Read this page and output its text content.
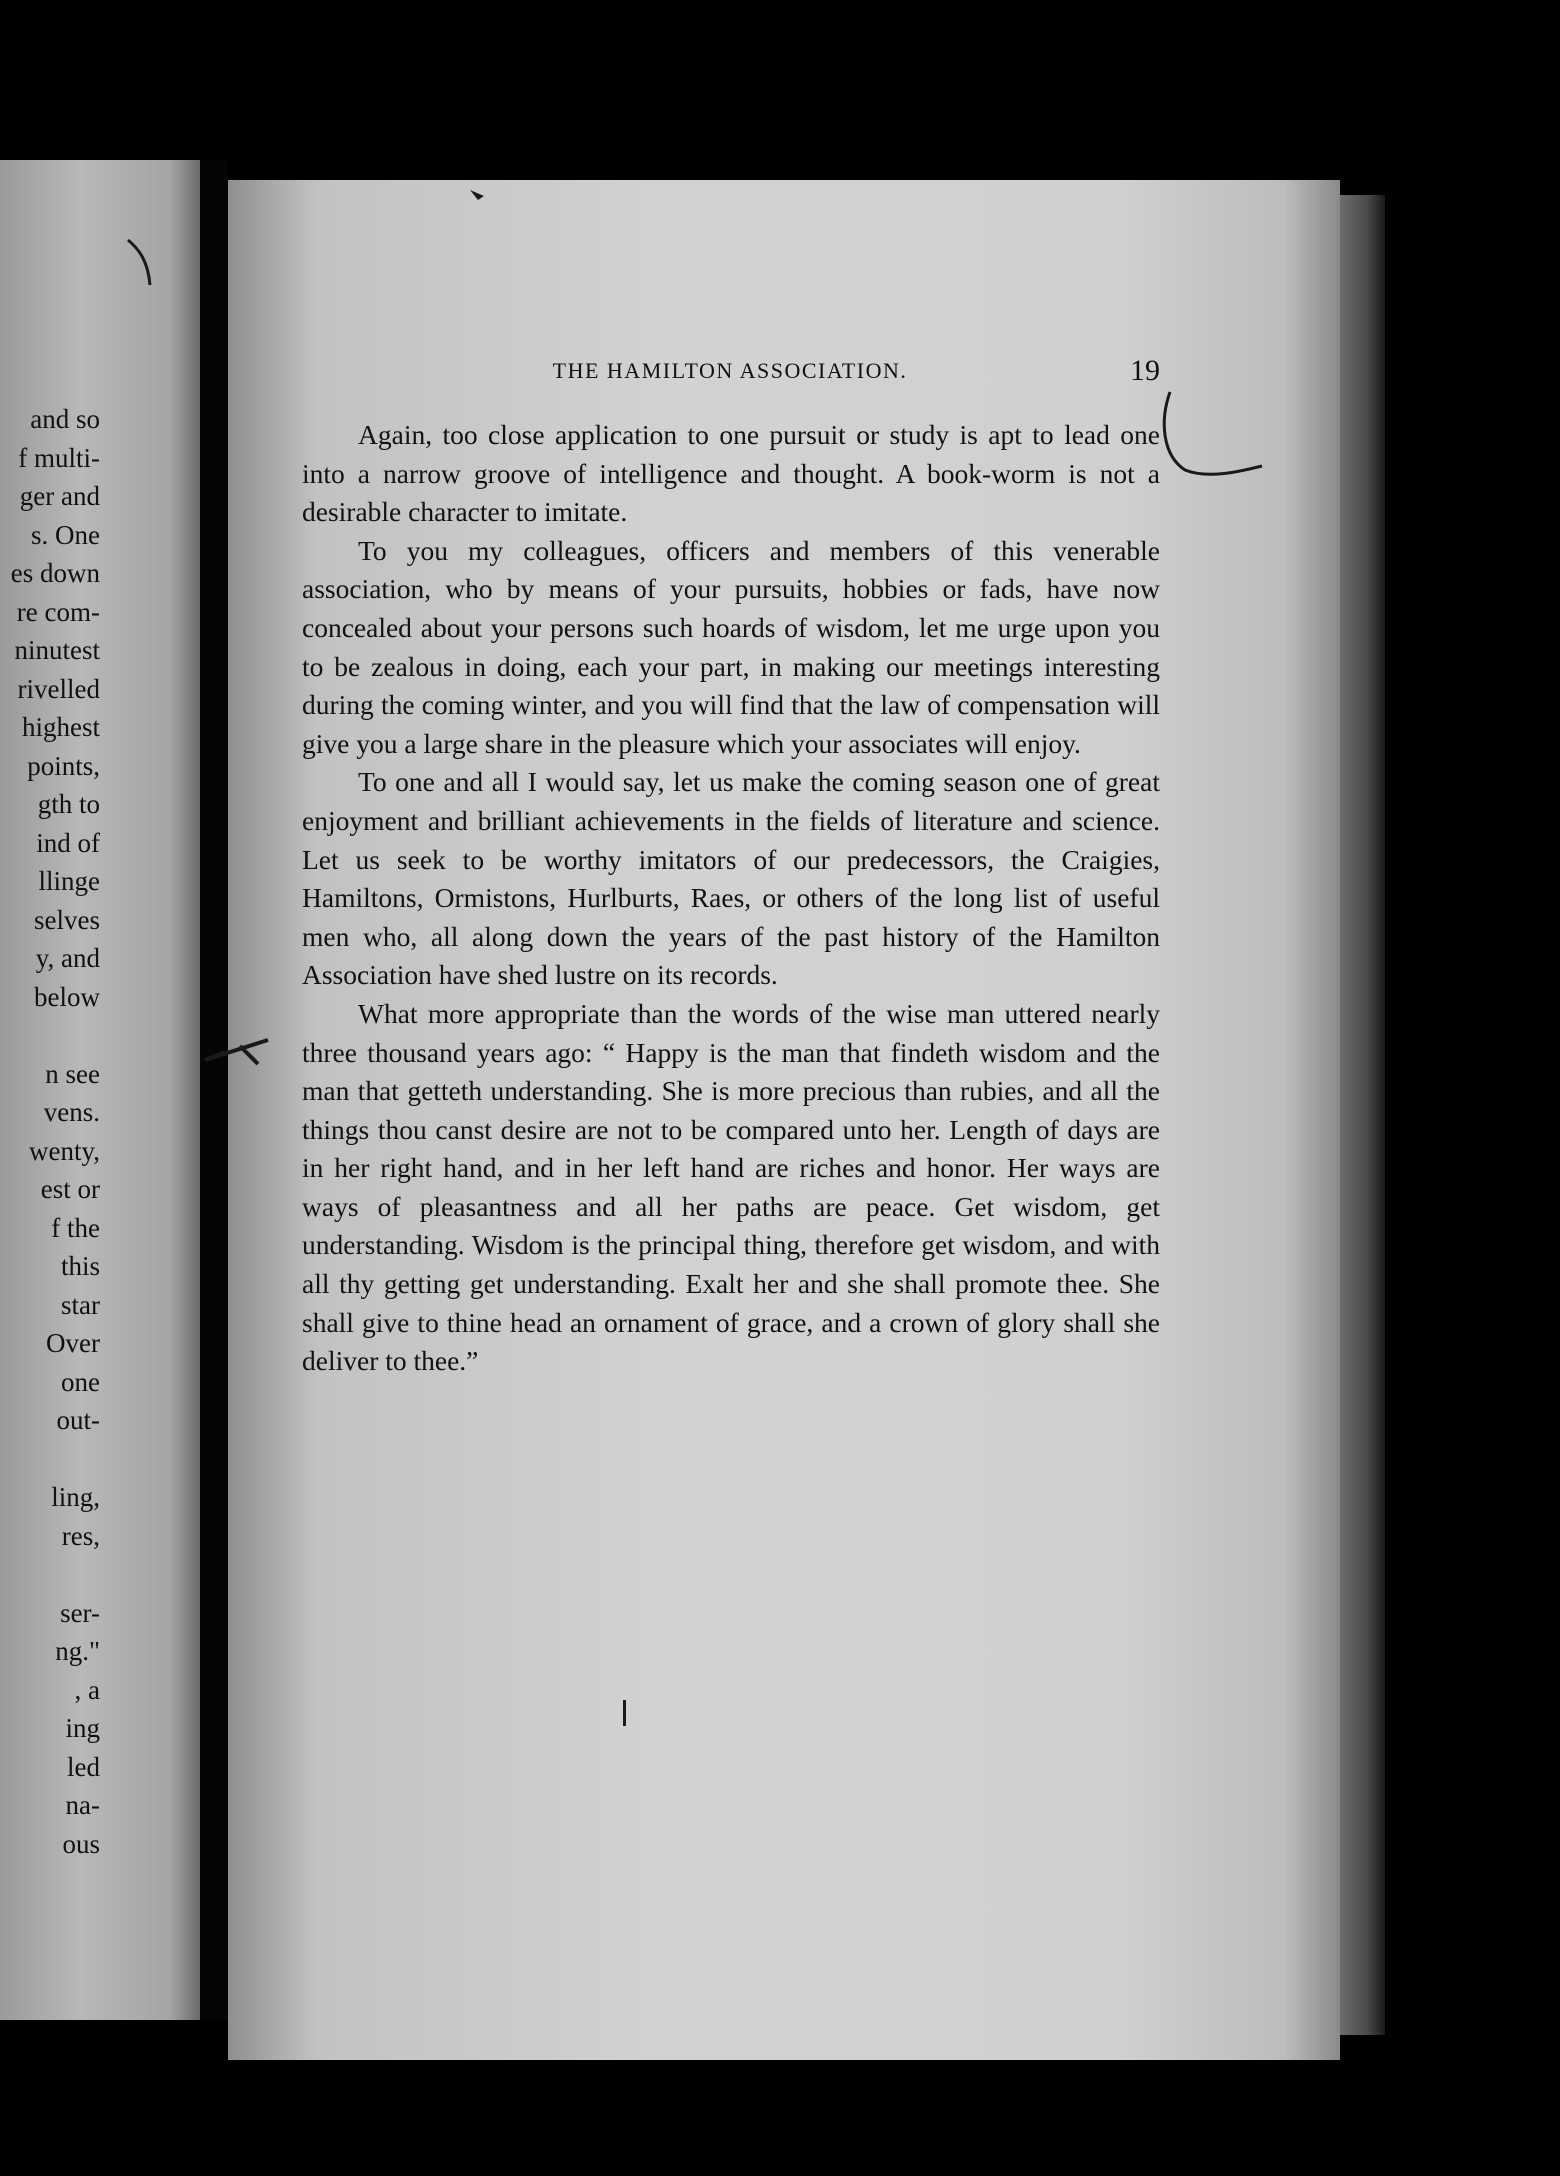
and so
f multi-
ger and
s. One
es down
re com-
ninutest
rivelled
highest
points,
gth to
ind of
llinge
selves
y, and
below
n see
vens.
wenty,
est or
f the
this
star
Over
one
out-
ling,
res,
ser-
ng."
, a
ing
led
na-
ous
THE HAMILTON ASSOCIATION.	19

Again, too close application to one pursuit or study is apt to lead one into a narrow groove of intelligence and thought. A book-worm is not a desirable character to imitate.

To you my colleagues, officers and members of this venerable association, who by means of your pursuits, hobbies or fads, have now concealed about your persons such hoards of wisdom, let me urge upon you to be zealous in doing, each your part, in making our meetings interesting during the coming winter, and you will find that the law of compensation will give you a large share in the pleasure which your associates will enjoy.

To one and all I would say, let us make the coming season one of great enjoyment and brilliant achievements in the fields of literature and science. Let us seek to be worthy imitators of our predecessors, the Craigies, Hamiltons, Ormistons, Hurlburts, Raes, or others of the long list of useful men who, all along down the years of the past history of the Hamilton Association have shed lustre on its records.

What more appropriate than the words of the wise man uttered nearly three thousand years ago: “ Happy is the man that findeth wisdom and the man that getteth understanding. She is more precious than rubies, and all the things thou canst desire are not to be compared unto her. Length of days are in her right hand, and in her left hand are riches and honor. Her ways are ways of pleasantness and all her paths are peace. Get wisdom, get understanding. Wisdom is the principal thing, therefore get wisdom, and with all thy getting get understanding. Exalt her and she shall promote thee. She shall give to thine head an ornament of grace, and a crown of glory shall she deliver to thee.”
